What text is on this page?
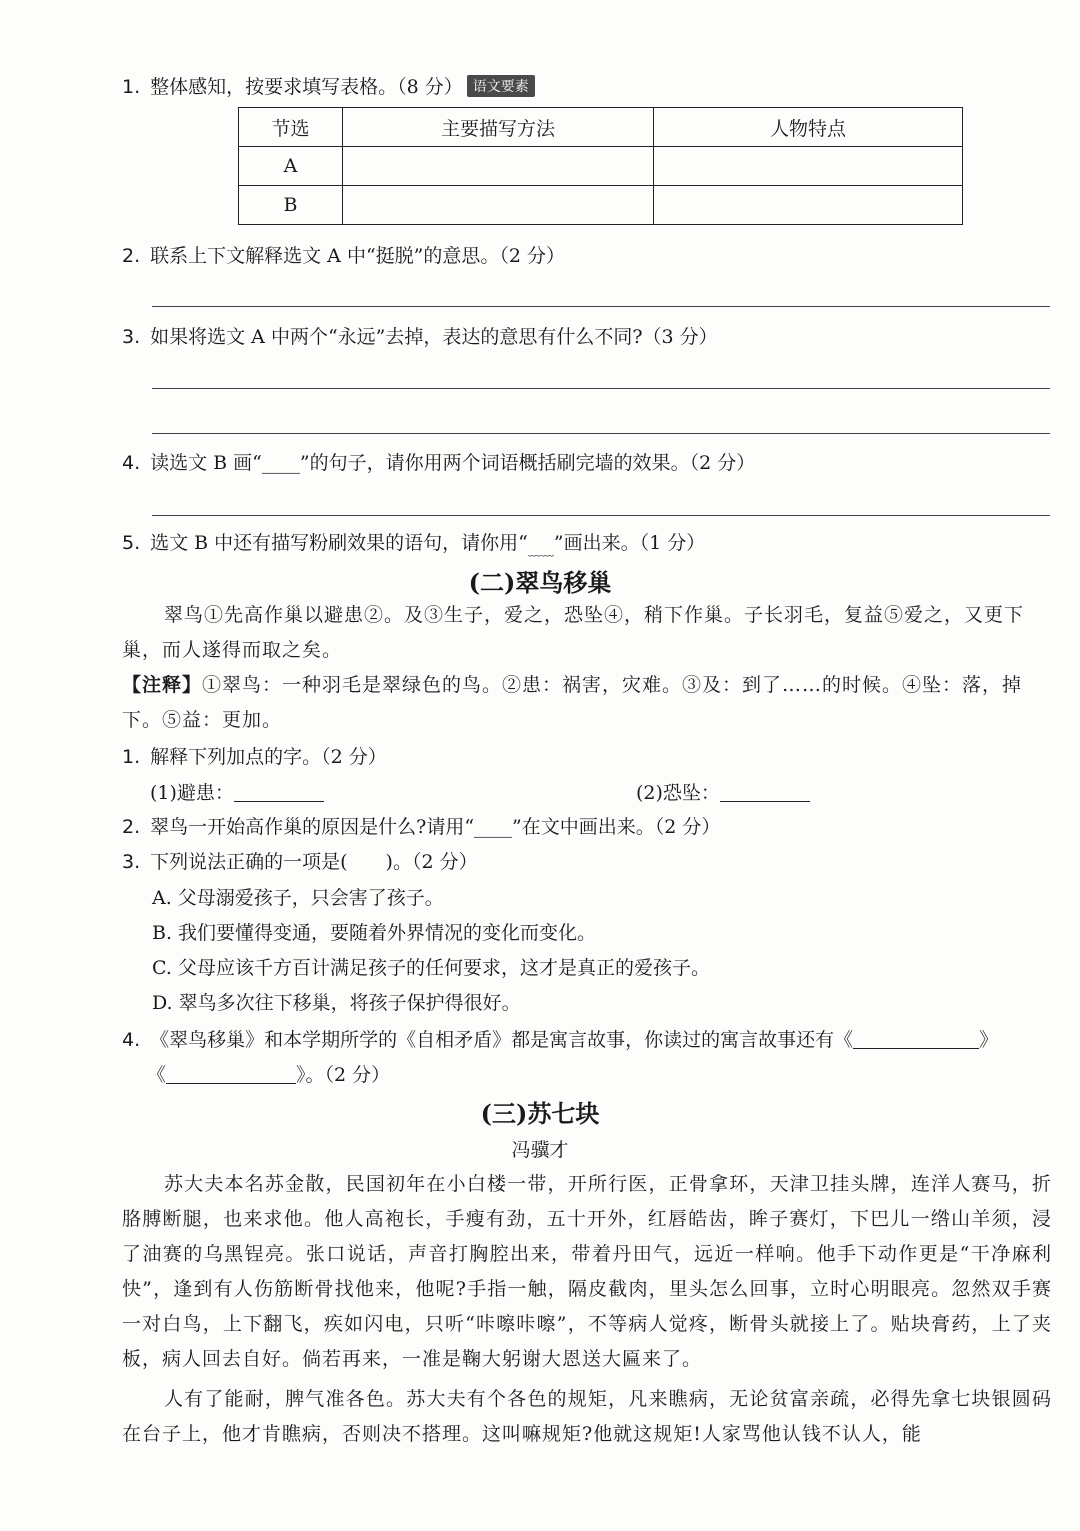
1. 整体感知，按要求填写表格。（8 分） 语文要素
节选	主要描写方法	人物特点
A		
B		
2. 联系上下文解释选文 A 中“挺脱”的意思。（2 分）
3. 如果将选文 A 中两个“永远”去掉，表达的意思有什么不同?（3 分）
4. 读选文 B 画“____”的句子，请你用两个词语概括刷完墙的效果。（2 分）
5. 选文 B 中还有描写粉刷效果的语句，请你用“$_{﹏﹏}$”画出来。（1 分）
(二)翠鸟移巢
翠鸟①先高作巢以避患②。及③生子，爱之，恐坠④，稍下作巢。子长羽毛，复益⑤爱之，又更下
巢，而人遂得而取之矣。
【注释】①翠鸟：一种羽毛是翠绿色的鸟。②患：祸害，灾难。③及：到了……的时候。④坠：落，掉
下。⑤益：更加。
1. 解释下列加点的字。（2 分）
(1)避患：	(2)恐坠：
2. 翠鸟一开始高作巢的原因是什么?请用“____”在文中画出来。（2 分）
3. 下列说法正确的一项是(　　)。（2 分）
A. 父母溺爱孩子，只会害了孩子。
B. 我们要懂得变通，要随着外界情况的变化而变化。
C. 父母应该千方百计满足孩子的任何要求，这才是真正的爱孩子。
D. 翠鸟多次往下移巢，将孩子保护得很好。
4. 《翠鸟移巢》和本学期所学的《自相矛盾》都是寓言故事，你读过的寓言故事还有《	》
《	》。（2 分）
(三)苏七块
冯骥才
苏大夫本名苏金散，民国初年在小白楼一带，开所行医，正骨拿环，天津卫挂头牌，连洋人赛马，折胳膊断腿，也来求他。他人高袍长，手瘦有劲，五十开外，红唇皓齿，眸子赛灯，下巴儿一绺山羊须，浸了油赛的乌黑锃亮。张口说话，声音打胸腔出来，带着丹田气，远近一样响。他手下动作更是“干净麻利快”，逢到有人伤筋断骨找他来，他呢?手指一触，隔皮截肉，里头怎么回事，立时心明眼亮。忽然双手赛一对白鸟，上下翻飞，疾如闪电，只听“咔嚓咔嚓”，不等病人觉疼，断骨头就接上了。贴块膏药，上了夹板，病人回去自好。倘若再来，一准是鞠大躬谢大恩送大匾来了。
人有了能耐，脾气准各色。苏大夫有个各色的规矩，凡来瞧病，无论贫富亲疏，必得先拿七块银圆码在台子上，他才肯瞧病，否则决不搭理。这叫嘛规矩?他就这规矩!人家骂他认钱不认人，能
